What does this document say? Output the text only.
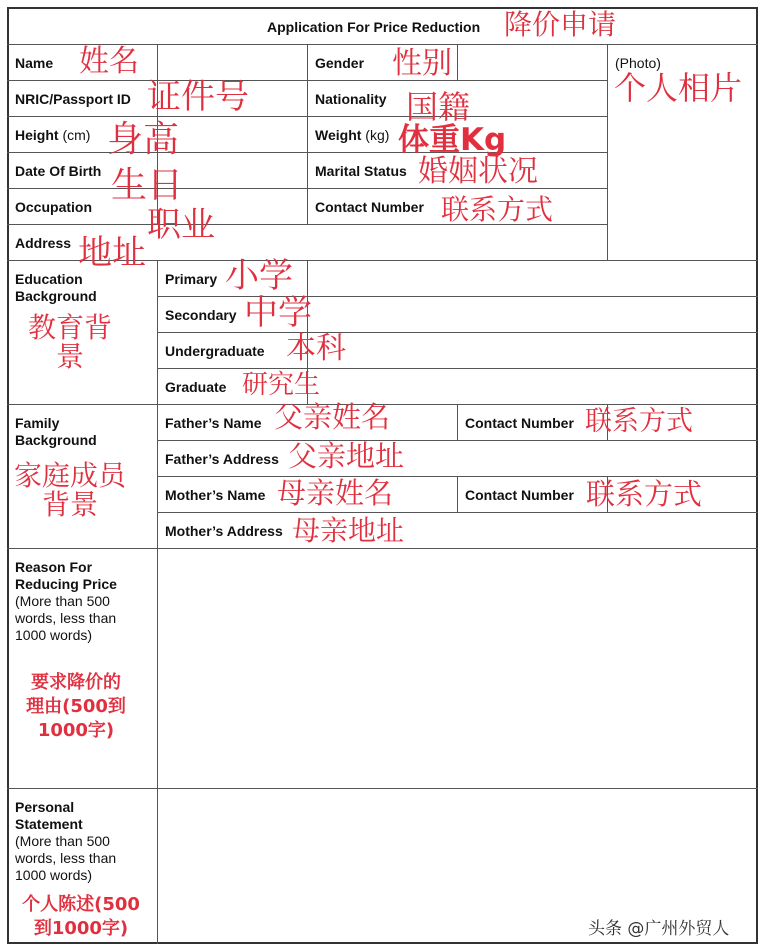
Application For Price Reduction 降价申请
Name 姓名	Gender 性别
NRIC/Passport ID 证件号	Nationality 国籍
Height (cm) 身高	Weight (kg) 体重Kg
Date Of Birth 生日	Marital Status 婚姻状况
Occupation 职业	Contact Number 联系方式
Address 地址
(Photo)
个人相片
Education
Background
教育背
景
Primary 小学
Secondary 中学
Undergraduate 本科
Graduate 研究生
Family
Background
家庭成员
背景
Father’s Name 父亲姓名	Contact Number 联系方式
Father’s Address 父亲地址
Mother’s Name 母亲姓名	Contact Number 联系方式
Mother’s Address 母亲地址
Reason For
Reducing Price
(More than 500
words, less than
1000 words)
要求降价的
理由(500到
1000字)
Personal
Statement
(More than 500
words, less than
1000 words)
个人陈述(500
到1000字)	头条 @广州外贸人
